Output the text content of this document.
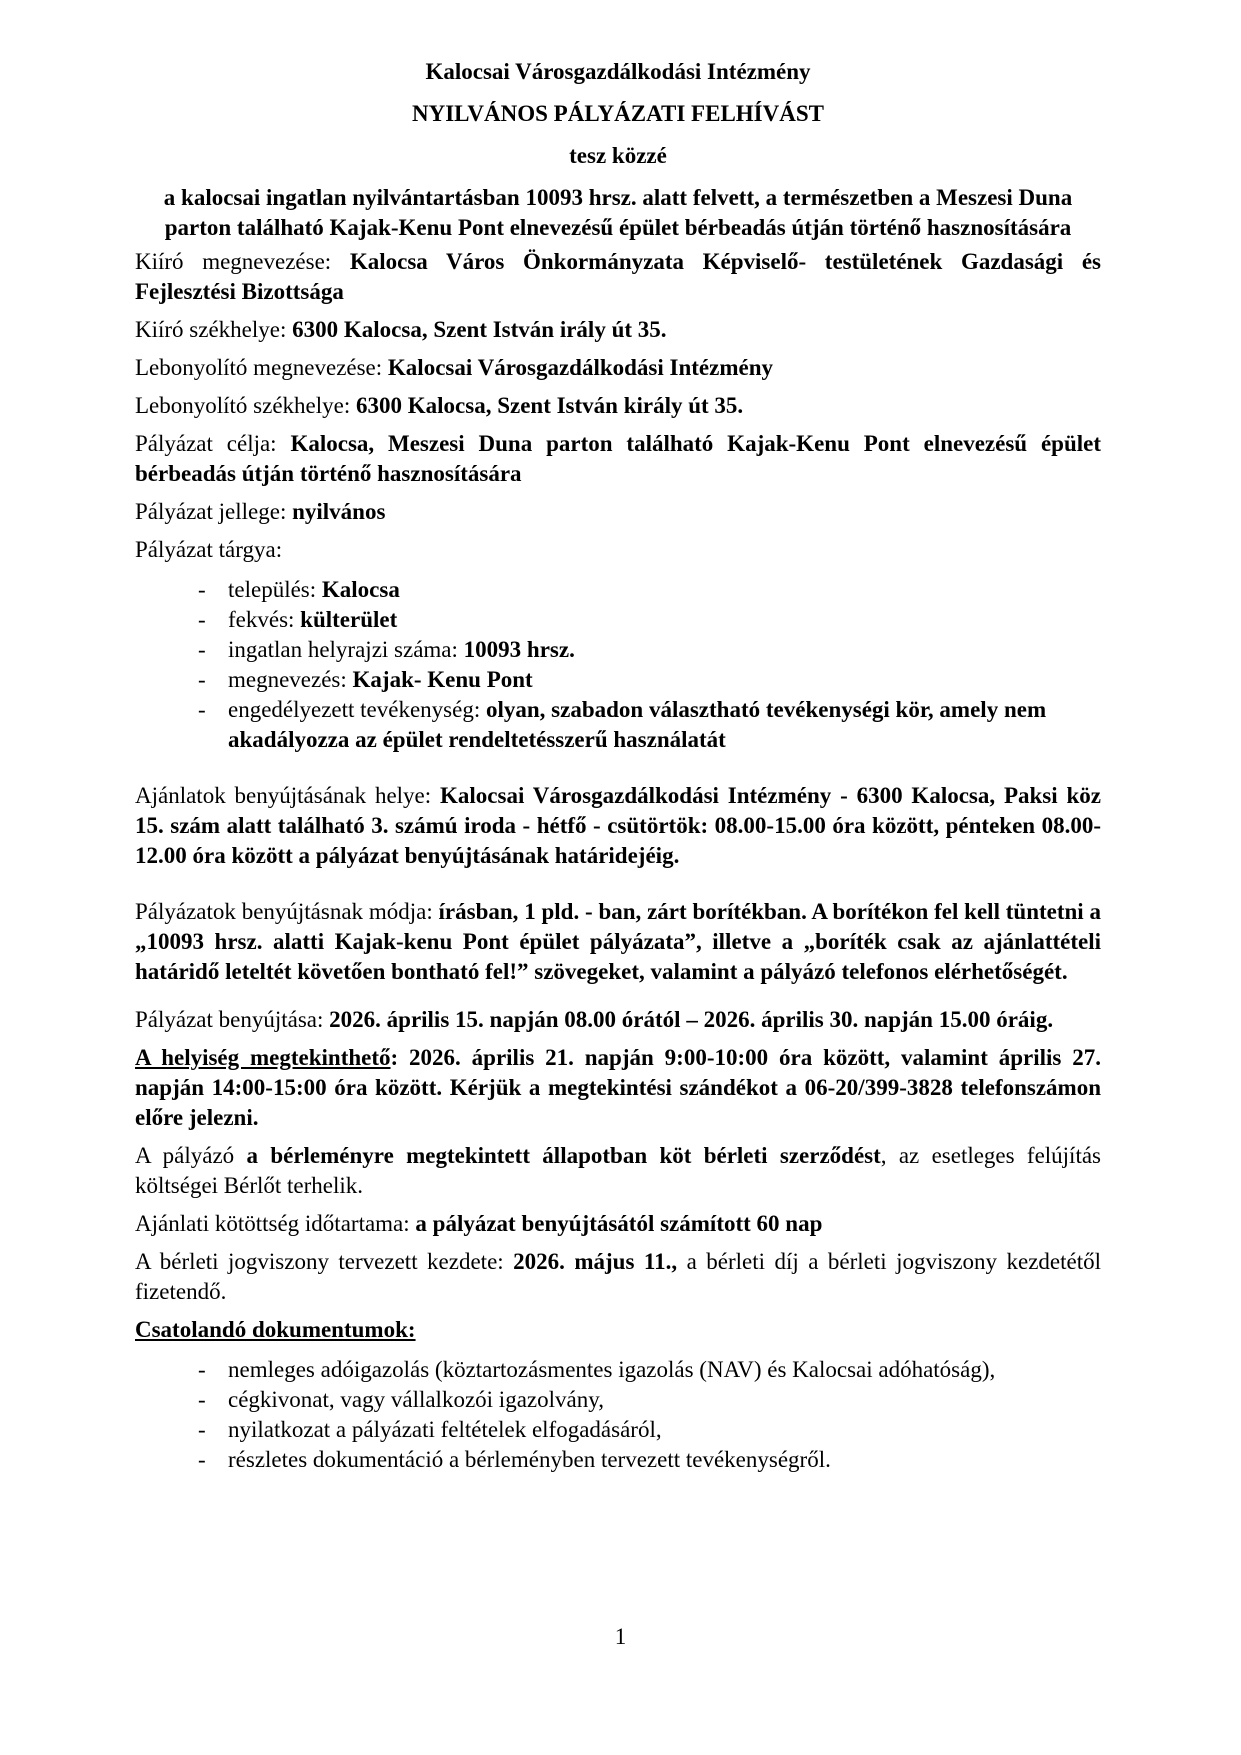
Kalocsai Városgazdálkodási Intézmény

NYILVÁNOS PÁLYÁZATI FELHÍVÁST

tesz közzé

a kalocsai ingatlan nyilvántartásban 10093 hrsz. alatt felvett, a természetben a Meszesi Duna parton található Kajak-Kenu Pont elnevezésű épület bérbeadás útján történő hasznosítására

Kiíró megnevezése: Kalocsa Város Önkormányzata Képviselő- testületének Gazdasági és Fejlesztési Bizottsága

Kiíró székhelye: 6300 Kalocsa, Szent István irály út 35.

Lebonyolító megnevezése: Kalocsai Városgazdálkodási Intézmény

Lebonyolító székhelye: 6300 Kalocsa, Szent István király út 35.

Pályázat célja: Kalocsa, Meszesi Duna parton található Kajak-Kenu Pont elnevezésű épület bérbeadás útján történő hasznosítására

Pályázat jellege: nyilvános

Pályázat tárgya:

- település: Kalocsa
- fekvés: külterület
- ingatlan helyrajzi száma: 10093 hrsz.
- megnevezés: Kajak- Kenu Pont
- engedélyezett tevékenység: olyan, szabadon választható tevékenységi kör, amely nem akadályozza az épület rendeltetésszerű használatát

Ajánlatok benyújtásának helye: Kalocsai Városgazdálkodási Intézmény - 6300 Kalocsa, Paksi köz 15. szám alatt található 3. számú iroda - hétfő - csütörtök: 08.00-15.00 óra között, pénteken 08.00-12.00 óra között a pályázat benyújtásának határidejéig.

Pályázatok benyújtásnak módja: írásban, 1 pld. - ban, zárt borítékban. A borítékon fel kell tüntetni a „10093 hrsz. alatti Kajak-kenu Pont épület pályázata”, illetve a „boríték csak az ajánlattételi határidő leteltét követően bontható fel!” szövegeket, valamint a pályázó telefonos elérhetőségét.

Pályázat benyújtása: 2026. április 15. napján 08.00 órától – 2026. április 30. napján 15.00 óráig.

A helyiség megtekinthető: 2026. április 21. napján 9:00-10:00 óra között, valamint április 27. napján 14:00-15:00 óra között. Kérjük a megtekintési szándékot a 06-20/399-3828 telefonszámon előre jelezni.

A pályázó a bérleményre megtekintett állapotban köt bérleti szerződést, az esetleges felújítás költségei Bérlőt terhelik.

Ajánlati kötöttség időtartama: a pályázat benyújtásától számított 60 nap

A bérleti jogviszony tervezett kezdete: 2026. május 11., a bérleti díj a bérleti jogviszony kezdetétől fizetendő.

Csatolandó dokumentumok:

- nemleges adóigazolás (köztartozásmentes igazolás (NAV) és Kalocsai adóhatóság),
- cégkivonat, vagy vállalkozói igazolvány,
- nyilatkozat a pályázati feltételek elfogadásáról,
- részletes dokumentáció a bérleményben tervezett tevékenységről.
1
